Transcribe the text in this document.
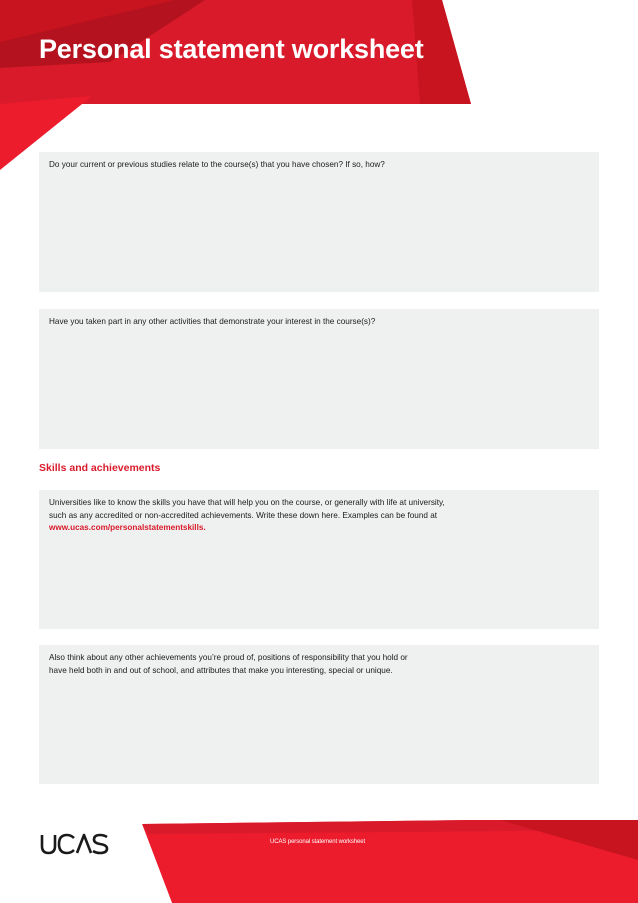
Personal statement worksheet

Do your current or previous studies relate to the course(s) that you have chosen? If so, how?

Have you taken part in any other activities that demonstrate your interest in the course(s)?

Skills and achievements

Universities like to know the skills you have that will help you on the course, or generally with life at university,

such as any accredited or non-accredited achievements. Write these down here. Examples can be found at

www.ucas.com/personalstatementskills.

Also think about any other achievements you’re proud of, positions of responsibility that you hold or

have held both in and out of school, and attributes that make you interesting, special or unique.

UCAS personal statement worksheet
